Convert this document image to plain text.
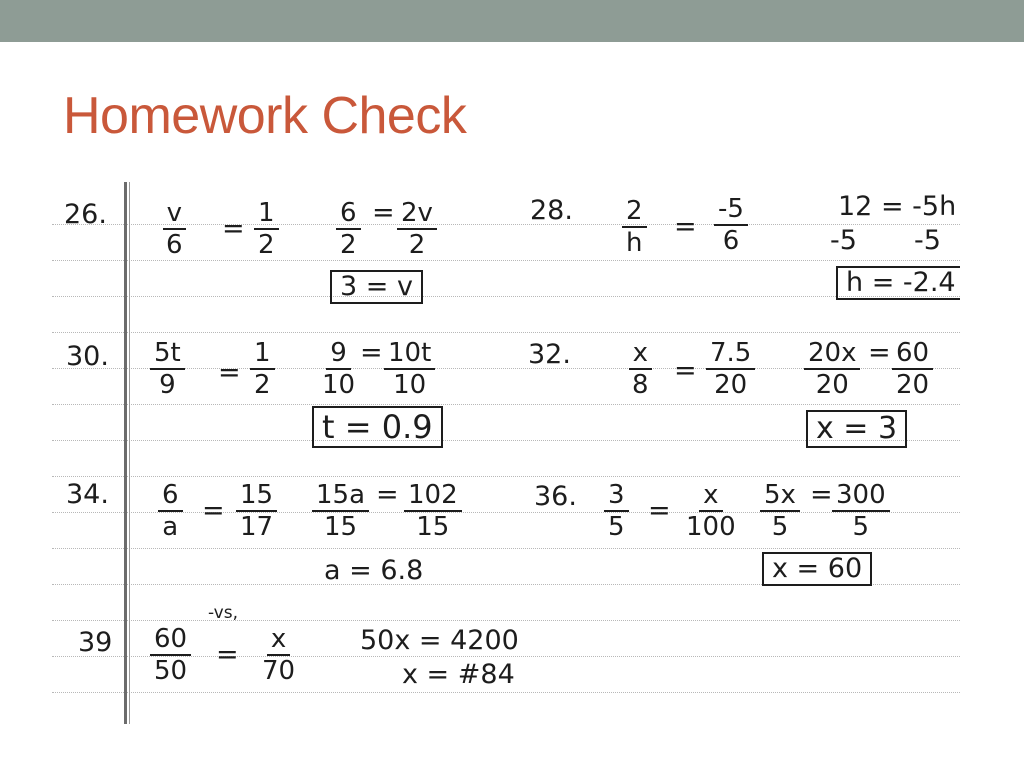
Homework Check
26. $\frac{v}{6} = \frac{1}{2} \frac{6}{2} = \frac{2v}{2}$
3 = v
28. $\frac{2}{h} = \frac{-5}{6}$	12 = -5h
-5 -5
h = -2.4
30. $\frac{5t}{9} = \frac{1}{2} \frac{9}{10} = \frac{10t}{10}$
t = 0.9
32. $\frac{x}{8} = \frac{7.5}{20} \frac{20x}{20} = \frac{60}{20}$
x = 3
34. $\frac{6}{a} = \frac{15}{17} \frac{15a}{15} = \frac{102}{15}$
a = 6.8
36. $\frac{3}{5} = \frac{x}{100} \frac{5x}{5} = \frac{300}{5}$
x = 60
39
-vs,
$\frac{60}{50} = \frac{x}{70} 50x = 4200$
x = #84
